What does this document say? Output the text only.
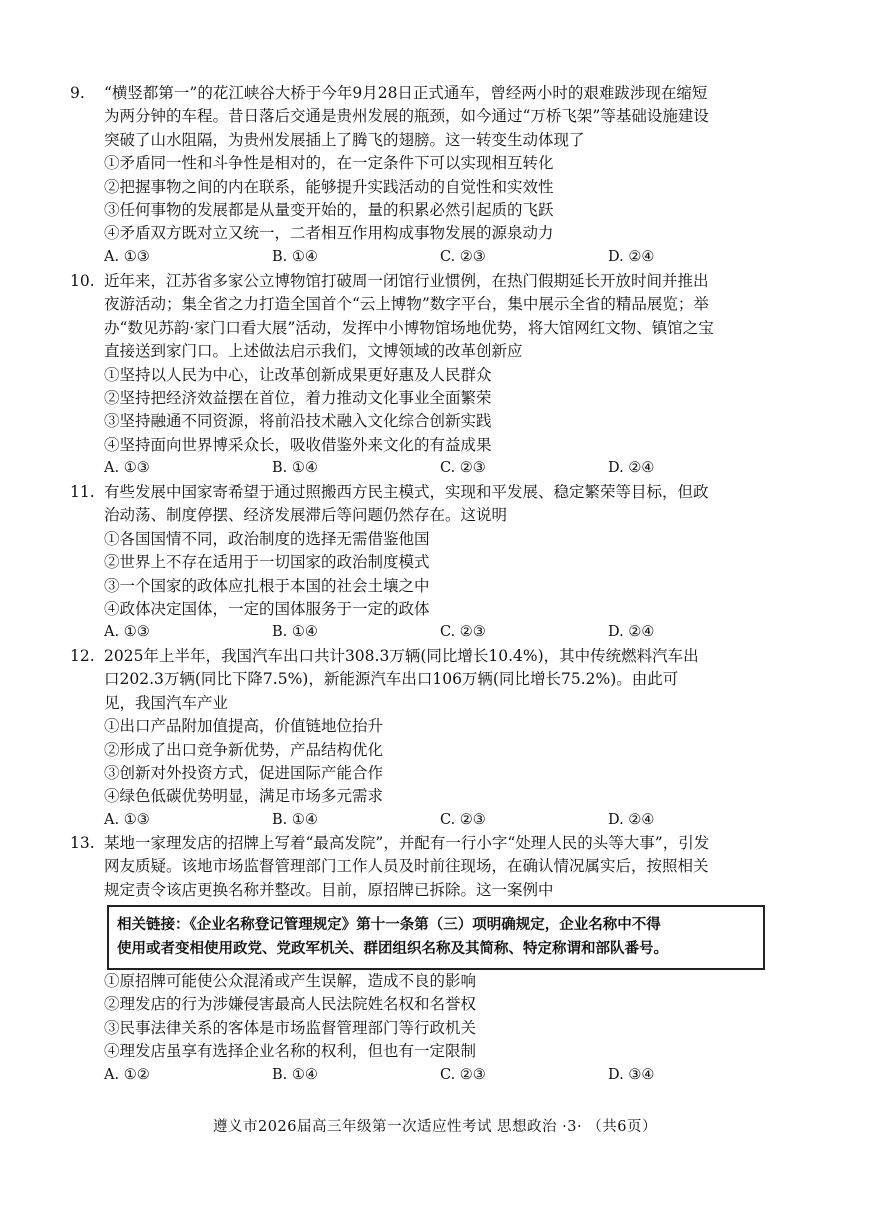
9. “横竖都第一”的花江峡谷大桥于今年9月28日正式通车，曾经两小时的艰难跋涉现在缩短
为两分钟的车程。昔日落后交通是贵州发展的瓶颈，如今通过“万桥飞架”等基础设施建设
突破了山水阻隔，为贵州发展插上了腾飞的翅膀。这一转变生动体现了
①矛盾同一性和斗争性是相对的，在一定条件下可以实现相互转化
②把握事物之间的内在联系，能够提升实践活动的自觉性和实效性
③任何事物的发展都是从量变开始的，量的积累必然引起质的飞跃
④矛盾双方既对立又统一，二者相互作用构成事物发展的源泉动力
A. ①③	B. ①④	C. ②③	D. ②④
10. 近年来，江苏省多家公立博物馆打破周一闭馆行业惯例，在热门假期延长开放时间并推出
夜游活动；集全省之力打造全国首个“云上博物”数字平台，集中展示全省的精品展览；举
办“数见苏韵·家门口看大展”活动，发挥中小博物馆场地优势，将大馆网红文物、镇馆之宝
直接送到家门口。上述做法启示我们，文博领域的改革创新应
①坚持以人民为中心，让改革创新成果更好惠及人民群众
②坚持把经济效益摆在首位，着力推动文化事业全面繁荣
③坚持融通不同资源，将前沿技术融入文化综合创新实践
④坚持面向世界博采众长，吸收借鉴外来文化的有益成果
A. ①③	B. ①④	C. ②③	D. ②④
11. 有些发展中国家寄希望于通过照搬西方民主模式，实现和平发展、稳定繁荣等目标，但政
治动荡、制度停摆、经济发展滞后等问题仍然存在。这说明
①各国国情不同，政治制度的选择无需借鉴他国
②世界上不存在适用于一切国家的政治制度模式
③一个国家的政体应扎根于本国的社会土壤之中
④政体决定国体，一定的国体服务于一定的政体
A. ①③	B. ①④	C. ②③	D. ②④
12. 2025年上半年，我国汽车出口共计308.3万辆(同比增长10.4%)，其中传统燃料汽车出
口202.3万辆(同比下降7.5%)，新能源汽车出口106万辆(同比增长75.2%)。由此可
见，我国汽车产业
①出口产品附加值提高，价值链地位抬升
②形成了出口竞争新优势，产品结构优化
③创新对外投资方式，促进国际产能合作
④绿色低碳优势明显，满足市场多元需求
A. ①③	B. ①④	C. ②③	D. ②④
13. 某地一家理发店的招牌上写着“最高发院”，并配有一行小字“处理人民的头等大事”，引发
网友质疑。该地市场监督管理部门工作人员及时前往现场，在确认情况属实后，按照相关
规定责令该店更换名称并整改。目前，原招牌已拆除。这一案例中
相关链接：《企业名称登记管理规定》第十一条第（三）项明确规定，企业名称中不得
使用或者变相使用政党、党政军机关、群团组织名称及其简称、特定称谓和部队番号。
①原招牌可能使公众混淆或产生误解，造成不良的影响
②理发店的行为涉嫌侵害最高人民法院姓名权和名誉权
③民事法律关系的客体是市场监督管理部门等行政机关
④理发店虽享有选择企业名称的权利，但也有一定限制
A. ①②	B. ①④	C. ②③	D. ③④
遵义市2026届高三年级第一次适应性考试 思想政治 ·3· （共6页）
